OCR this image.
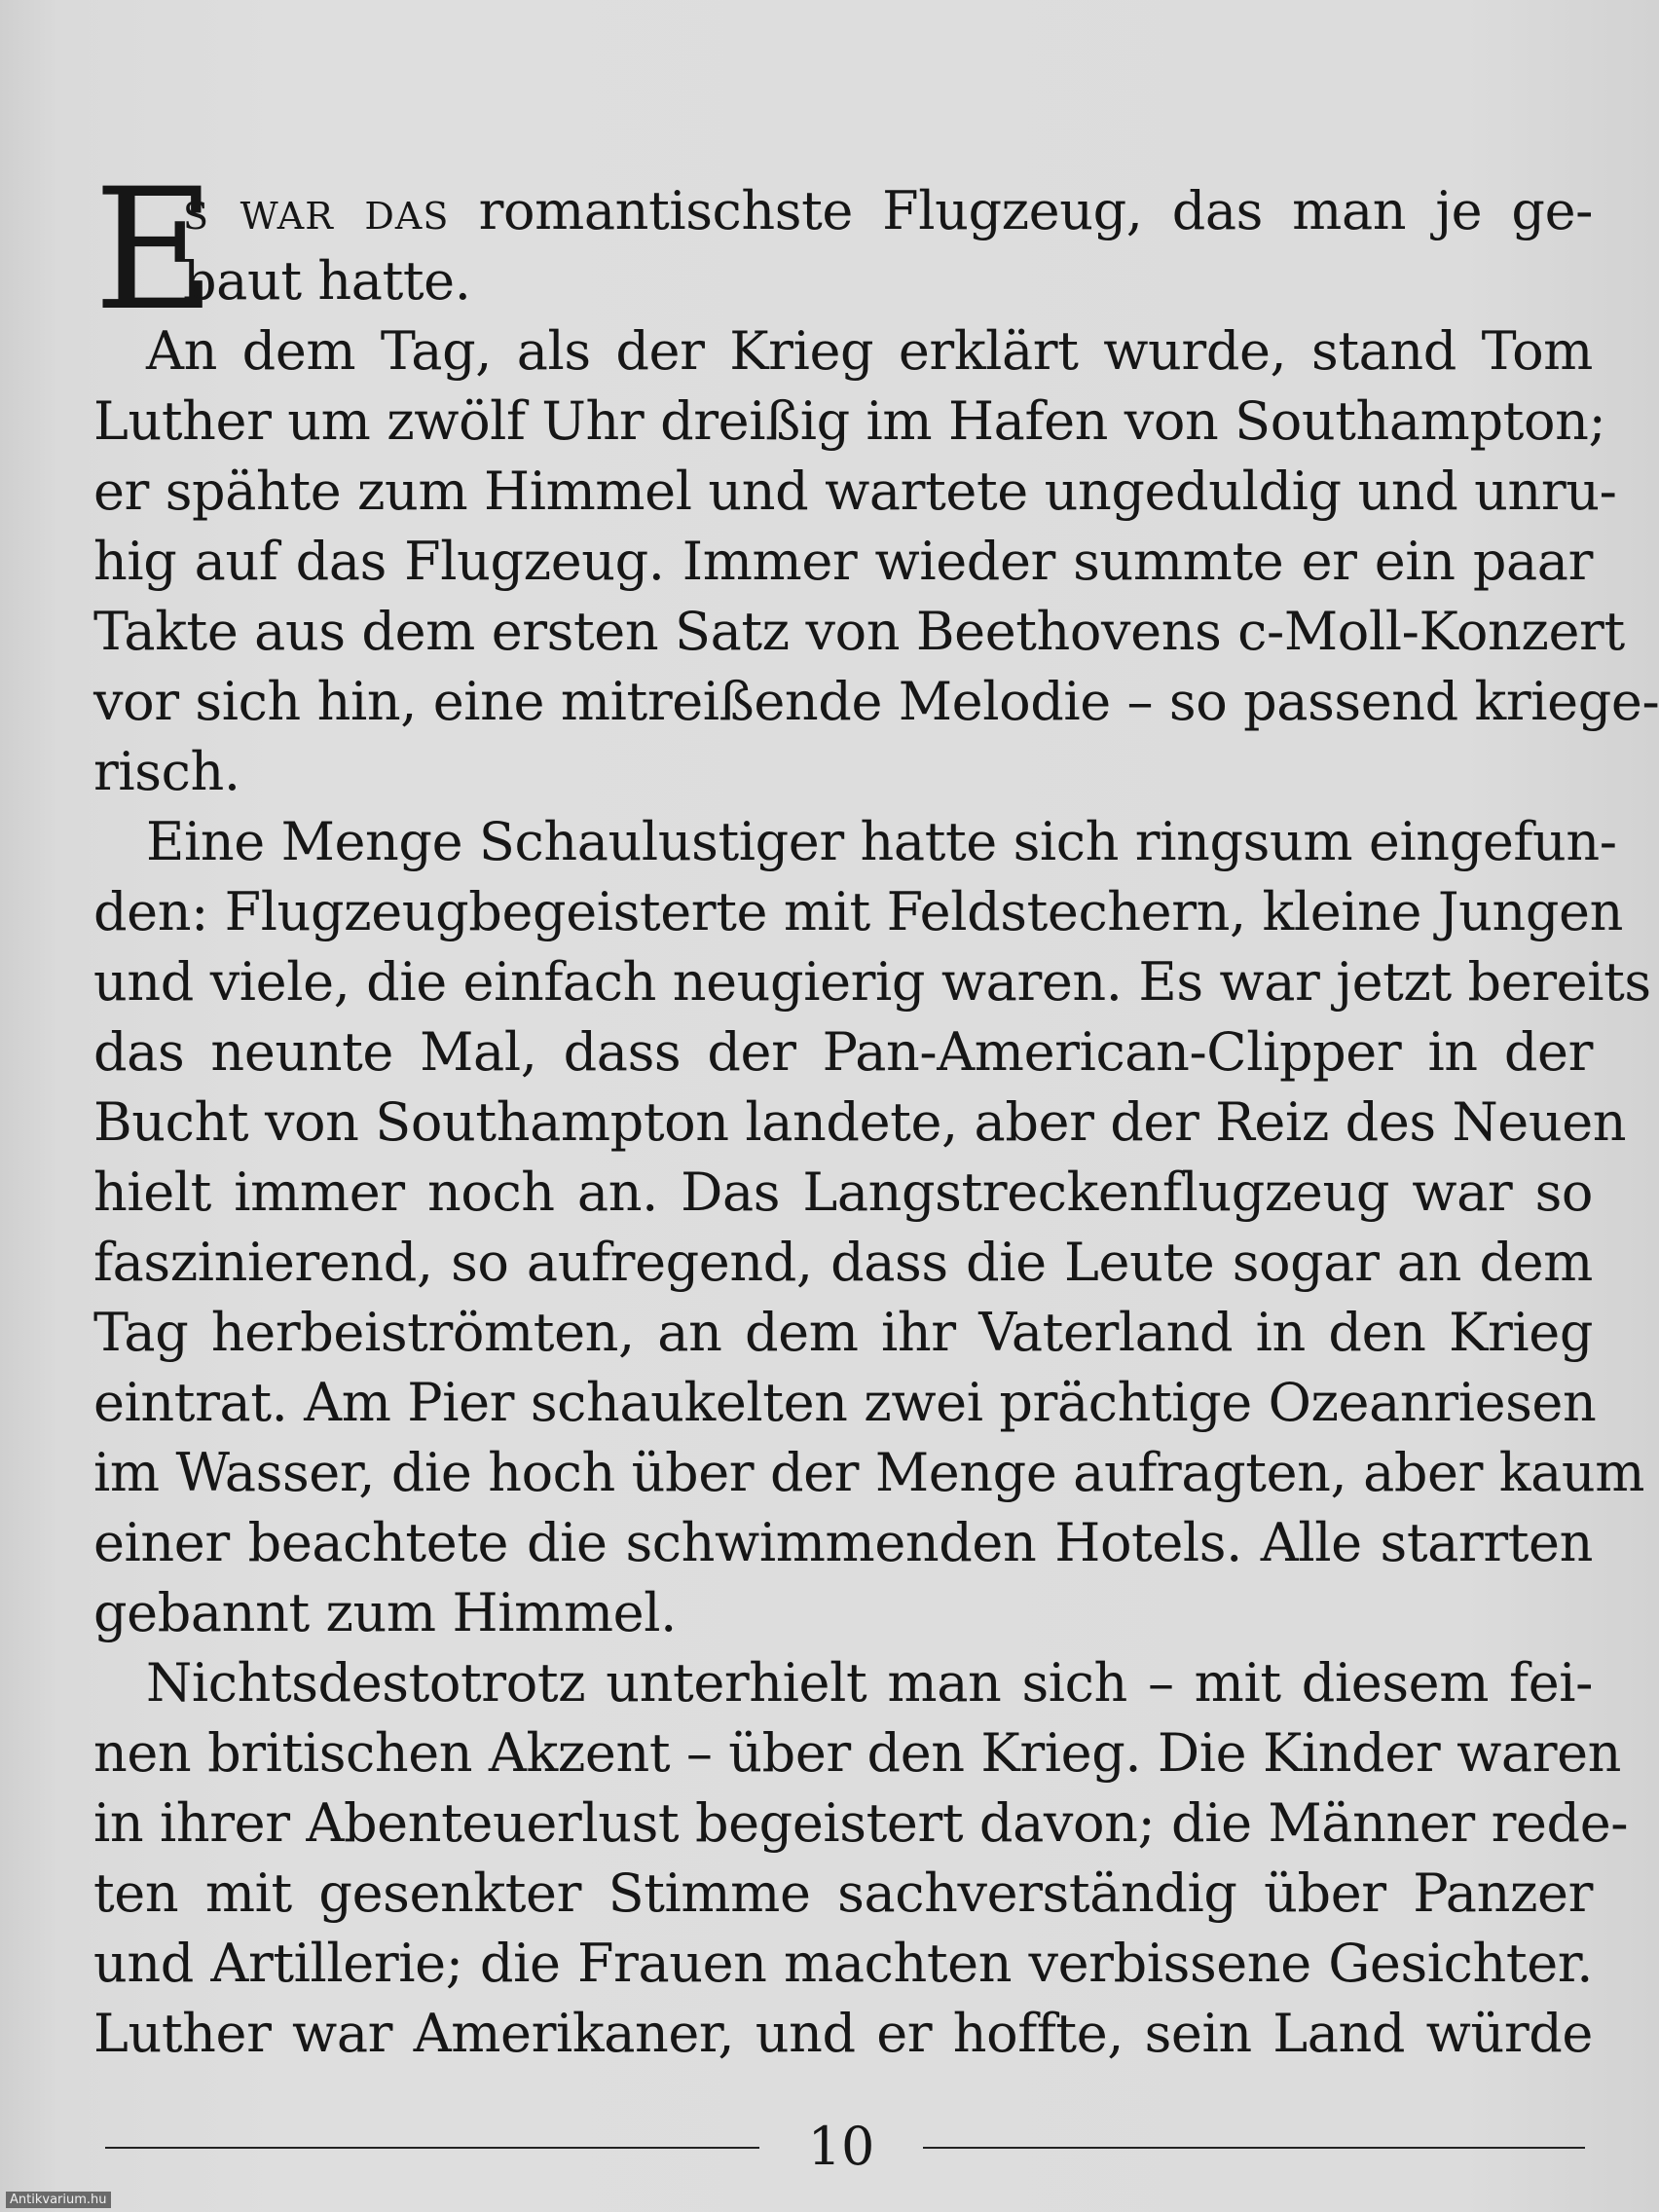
E
s war das romantischste Flugzeug, das man je ge-
baut hatte.
An dem Tag, als der Krieg erklärt wurde, stand Tom
Luther um zwölf Uhr dreißig im Hafen von Southampton;
er spähte zum Himmel und wartete ungeduldig und unru-
hig auf das Flugzeug. Immer wieder summte er ein paar
Takte aus dem ersten Satz von Beethovens c-Moll-Konzert
vor sich hin, eine mitreißende Melodie – so passend kriege-
risch.
Eine Menge Schaulustiger hatte sich ringsum eingefun-
den: Flugzeugbegeisterte mit Feldstechern, kleine Jungen
und viele, die einfach neugierig waren. Es war jetzt bereits
das neunte Mal, dass der Pan-American-Clipper in der
Bucht von Southampton landete, aber der Reiz des Neuen
hielt immer noch an. Das Langstreckenflugzeug war so
faszinierend, so aufregend, dass die Leute sogar an dem
Tag herbeiströmten, an dem ihr Vaterland in den Krieg
eintrat. Am Pier schaukelten zwei prächtige Ozeanriesen
im Wasser, die hoch über der Menge aufragten, aber kaum
einer beachtete die schwimmenden Hotels. Alle starrten
gebannt zum Himmel.
Nichtsdestotrotz unterhielt man sich – mit diesem fei-
nen britischen Akzent – über den Krieg. Die Kinder waren
in ihrer Abenteuerlust begeistert davon; die Männer rede-
ten mit gesenkter Stimme sachverständig über Panzer
und Artillerie; die Frauen machten verbissene Gesichter.
Luther war Amerikaner, und er hoffte, sein Land würde
10
Antikvarium.hu
